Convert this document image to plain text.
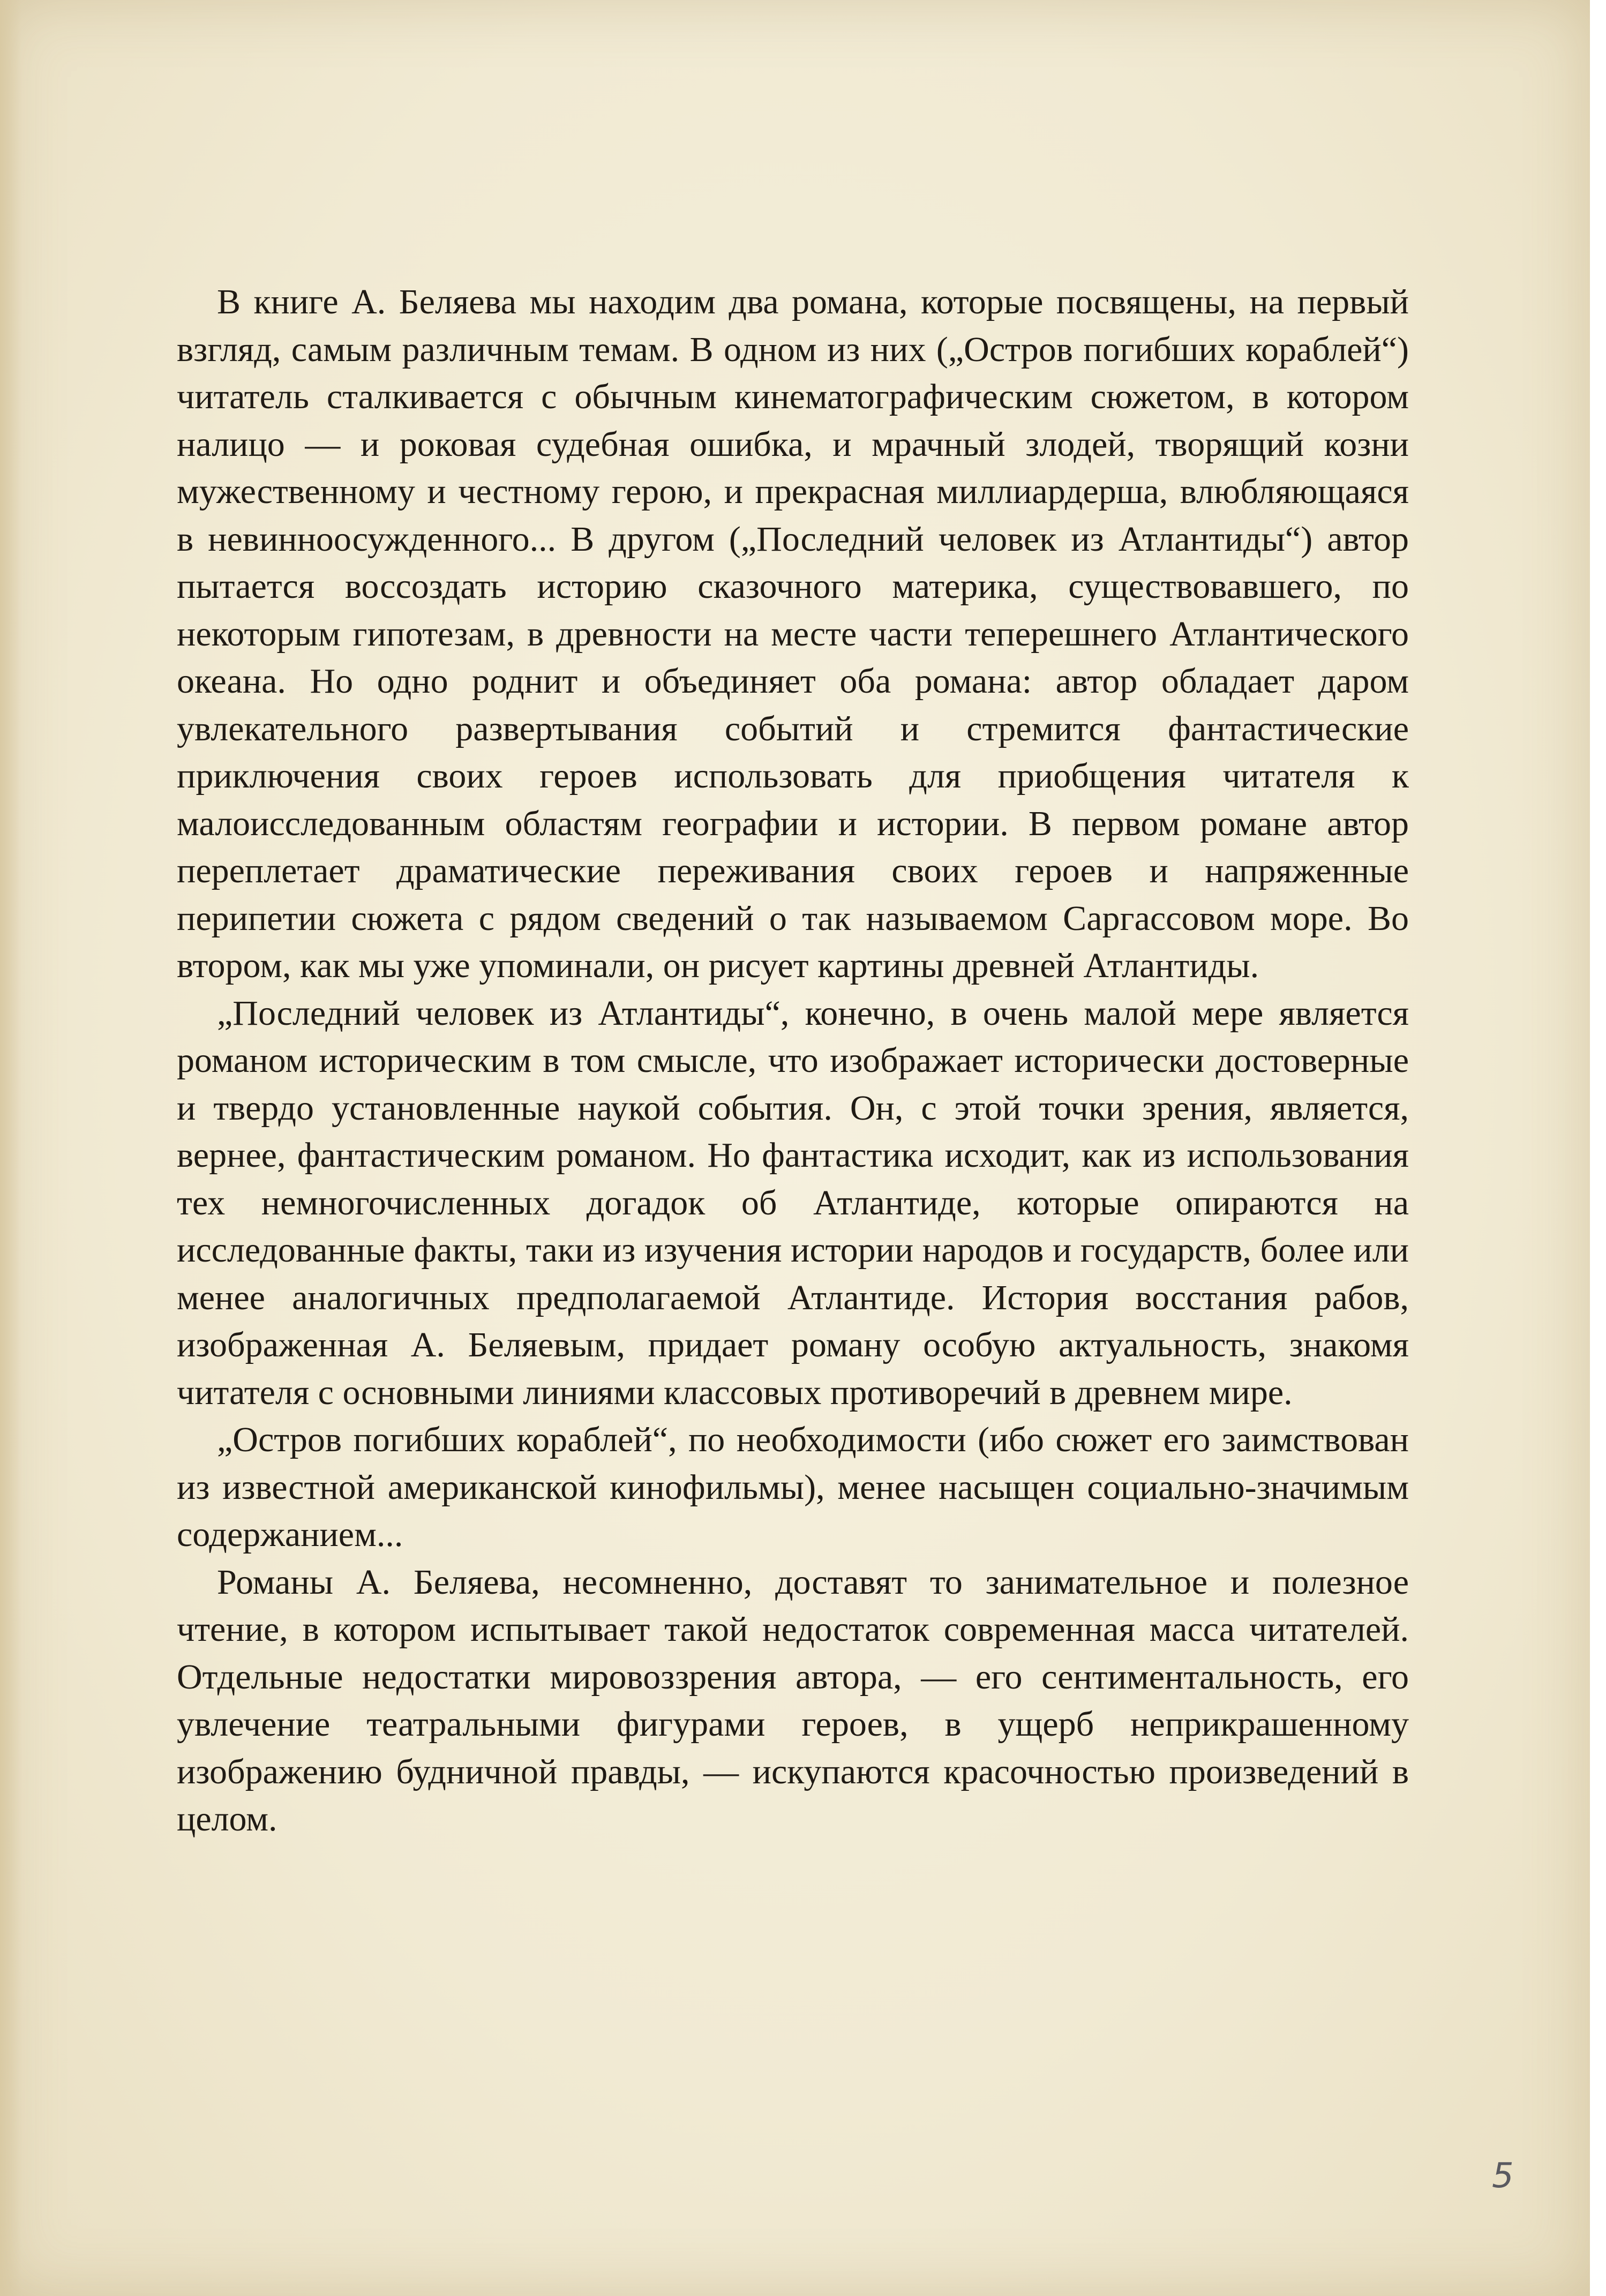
В книге А. Беляева мы находим два романа, которые посвящены, на первый взгляд, самым различным темам. В одном из них („Остров погибших кораблей“) читатель сталкивается с обычным кинематографическим сюжетом, в котором налицо — и роковая судебная ошибка, и мрачный злодей, творящий козни мужественному и честному герою, и прекрасная миллиардерша, влюбляющаяся в невинноосужденного... В другом („Последний человек из Атлантиды“) автор пытается воссоздать историю сказочного материка, существовавшего, по некоторым гипотезам, в древности на месте части теперешнего Атлантического океана. Но одно роднит и объединяет оба романа: автор обладает даром увлекательного развертывания событий и стремится фантастические приключения своих героев использовать для приобщения читателя к малоисследованным областям географии и истории. В первом романе автор переплетает драматические переживания своих героев и напряженные перипетии сюжета с рядом сведений о так называемом Саргассовом море. Во втором, как мы уже упоминали, он рисует картины древней Атлантиды.

„Последний человек из Атлантиды“, конечно, в очень малой мере является романом историческим в том смысле, что изображает исторически достоверные и твердо установленные наукой события. Он, с этой точки зрения, является, вернее, фантастическим романом. Но фантастика исходит, как из использования тех немногочисленных догадок об Атлантиде, которые опираются на исследованные факты, таки из изучения истории народов и государств, более или менее аналогичных предполагаемой Атлантиде. История восстания рабов, изображенная А. Беляевым, придает роману особую актуальность, знакомя читателя с основными линиями классовых противоречий в древнем мире.

„Остров погибших кораблей“, по необходимости (ибо сюжет его заимствован из известной американской кинофильмы), менее насыщен социально-значимым содержанием...

Романы А. Беляева, несомненно, доставят то занимательное и полезное чтение, в котором испытывает такой недостаток современная масса читателей. Отдельные недостатки мировоззрения автора, — его сентиментальность, его увлечение театральными фигурами героев, в ущерб неприкрашенному изображению будничной правды, — искупаются красочностью произведений в целом.

5
